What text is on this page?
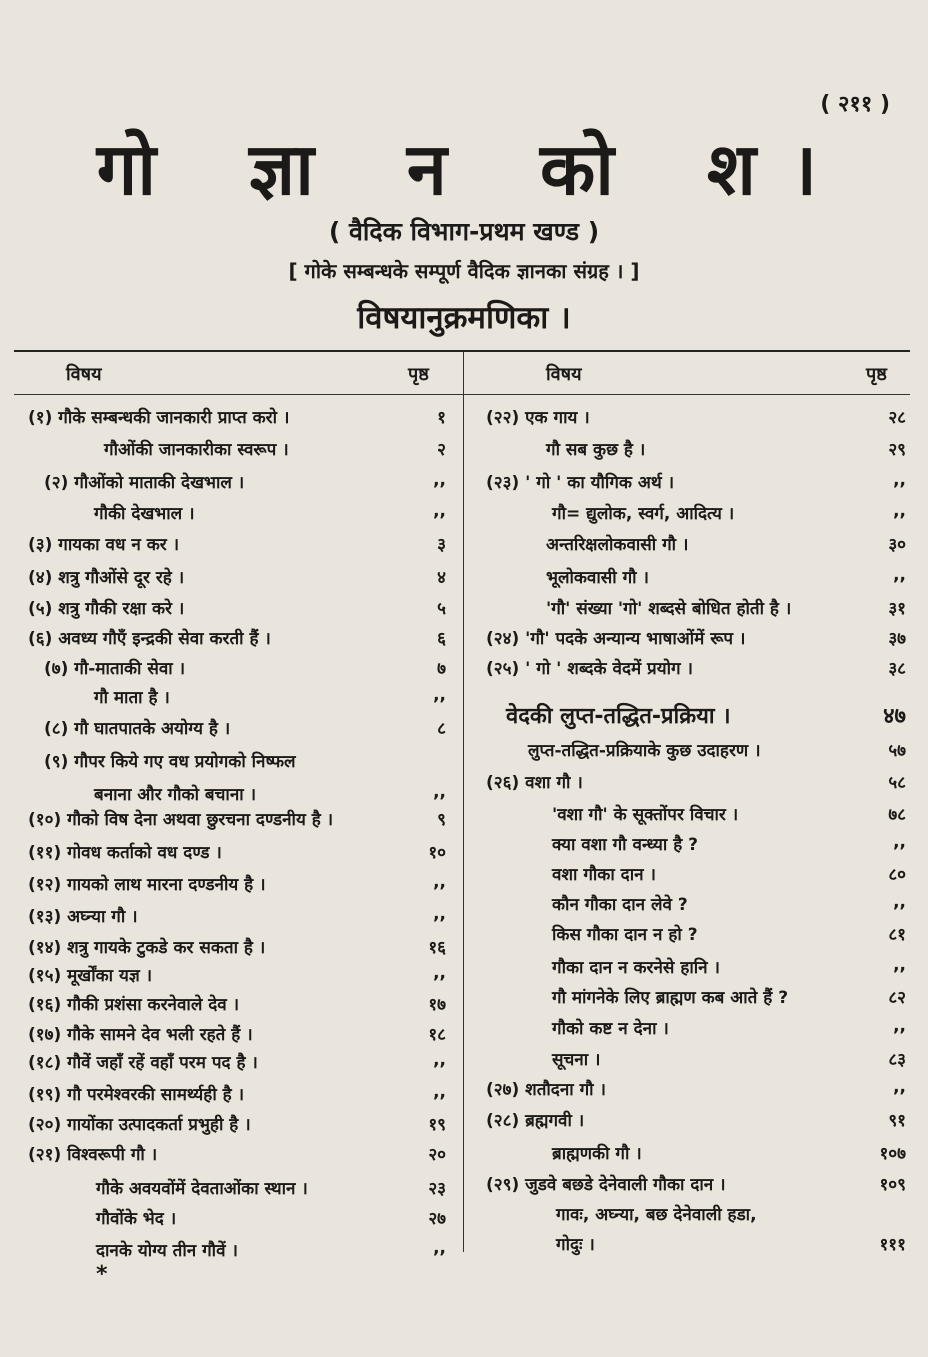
( २११ )
गो ज्ञा न को श।
( वैदिक विभाग-प्रथम खण्ड )
[ गोके सम्बन्धके सम्पूर्ण वैदिक ज्ञानका संग्रह । ]
विषयानुक्रमणिका ।
विषय	पृष्ठ	विषय	पृष्ठ
(१) गौके सम्बन्धकी जानकारी प्राप्त करो ।	१
गौओंकी जानकारीका स्वरूप ।	२
(२) गौओंको माताकी देखभाल ।	,,
गौकी देखभाल ।	,,
(३) गायका वध न कर ।	३
(४) शत्रु गौओंसे दूर रहे ।	४
(५) शत्रु गौकी रक्षा करे ।	५
(६) अवध्य गौएँ इन्द्रकी सेवा करती हैं ।	६
(७) गौ-माताकी सेवा ।	७
गौ माता है ।	,,
(८) गौ घातपातके अयोग्य है ।	८
(९) गौपर किये गए वध प्रयोगको निष्फल
बनाना और गौको बचाना ।	,,
(१०) गौको विष देना अथवा छुरचना दण्डनीय है ।	९
(११) गोवध कर्ताको वध दण्ड ।	१०
(१२) गायको लाथ मारना दण्डनीय है ।	,,
(१३) अघ्न्या गौ ।	,,
(१४) शत्रु गायके टुकडे कर सकता है ।	१६
(१५) मूर्खोंका यज्ञ ।	,,
(१६) गौकी प्रशंसा करनेवाले देव ।	१७
(१७) गौके सामने देव भली रहते हैं ।	१८
(१८) गौवें जहाँ रहें वहाँ परम पद है ।	,,
(१९) गौ परमेश्वरकी सामर्थ्यही है ।	,,
(२०) गायोंका उत्पादकर्ता प्रभुही है ।	१९
(२१) विश्वरूपी गौ ।	२०
गौके अवयवोंमें देवताओंका स्थान ।	२३
गौवोंके भेद ।	२७
दानके योग्य तीन गौवें ।	,,
(२२) एक गाय ।	२८
गौ सब कुछ है ।	२९
(२३) ' गो ' का यौगिक अर्थ ।	,,
गौ= द्युलोक, स्वर्ग, आदित्य ।	,,
अन्तरिक्षलोकवासी गौ ।	३०
भूलोकवासी गौ ।	,,
'गौ' संख्या 'गो' शब्दसे बोधित होती है ।	३१
(२४) 'गौ' पदके अन्यान्य भाषाओंमें रूप ।	३७
(२५) ' गो ' शब्दके वेदमें प्रयोग ।	३८
वेदकी लुप्त-तद्धित-प्रक्रिया ।	४७
लुप्त-तद्धित-प्रक्रियाके कुछ उदाहरण ।	५७
(२६) वशा गौ ।	५८
'वशा गौ' के सूक्तोंपर विचार ।	७८
क्या वशा गौ वन्ध्या है ?	,,
वशा गौका दान ।	८०
कौन गौका दान लेवे ?	,,
किस गौका दान न हो ?	८१
गौका दान न करनेसे हानि ।	,,
गौ मांगनेके लिए ब्राह्मण कब आते हैं ?	८२
गौको कष्ट न देना ।	,,
सूचना ।	८३
(२७) शतौदना गौ ।	,,
(२८) ब्रह्मगवी ।	९१
ब्राह्मणकी गौ ।	१०७
(२९) जुडवे बछडे देनेवाली गौका दान ।	१०९
गावः, अघ्न्या, बछ देनेवाली हडा,
गोदुः ।	१११
*
